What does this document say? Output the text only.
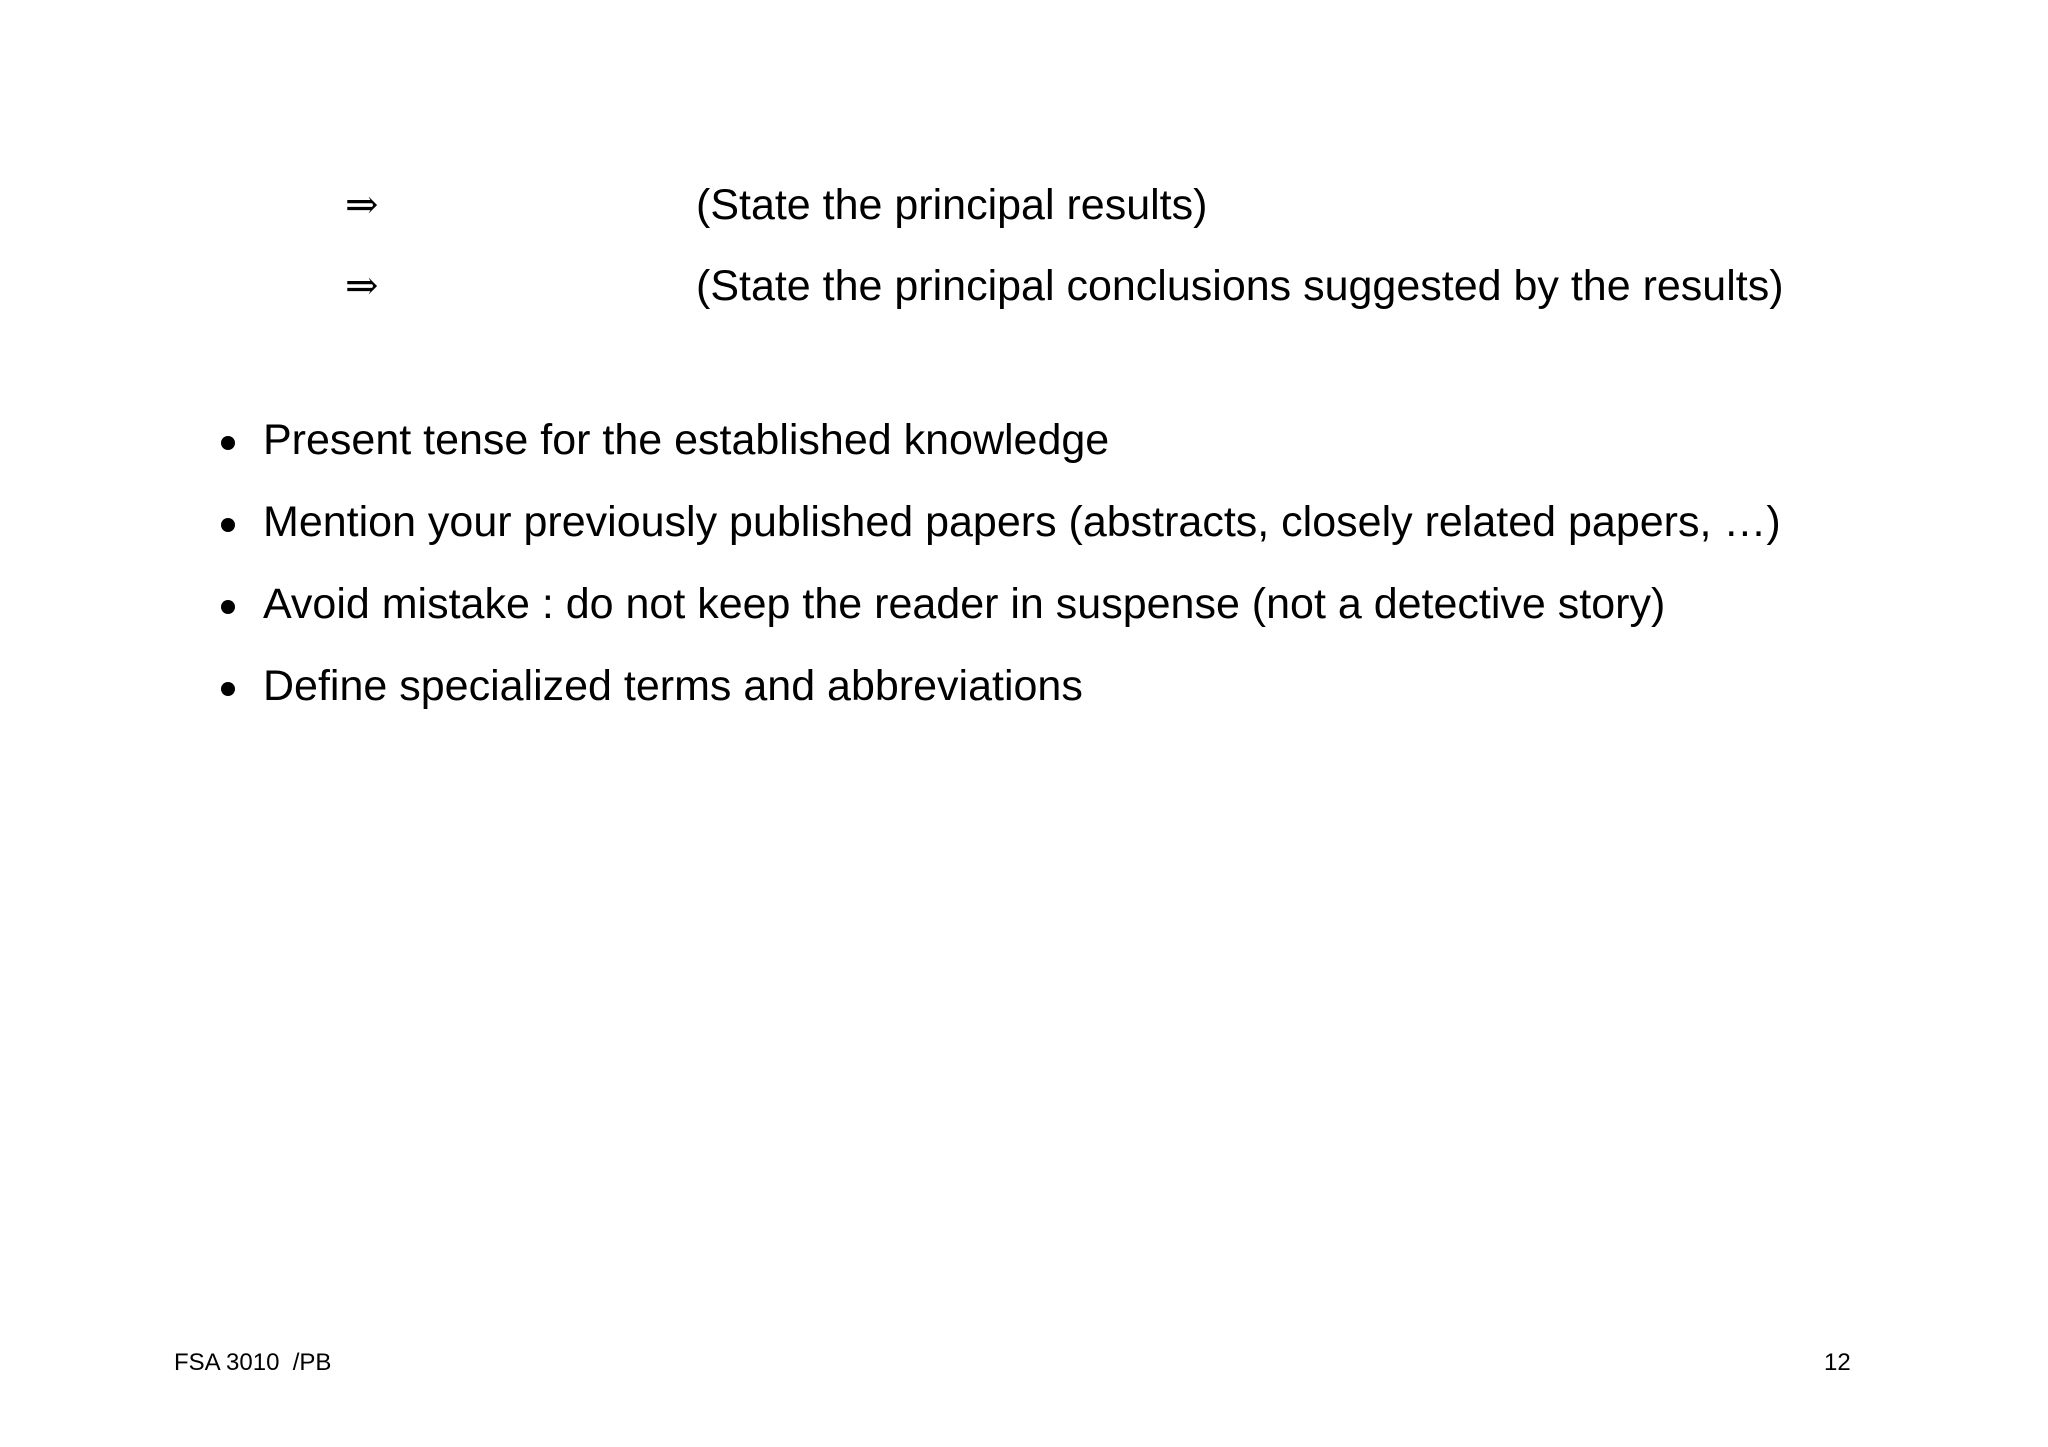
⇒	(State the principal results)
⇒	(State the principal conclusions suggested by the results)
Present tense for the established knowledge
Mention your previously published papers (abstracts, closely related papers, …)
Avoid mistake : do not keep the reader in suspense (not a detective story)
Define specialized terms and abbreviations
FSA 3010  /PB	12
